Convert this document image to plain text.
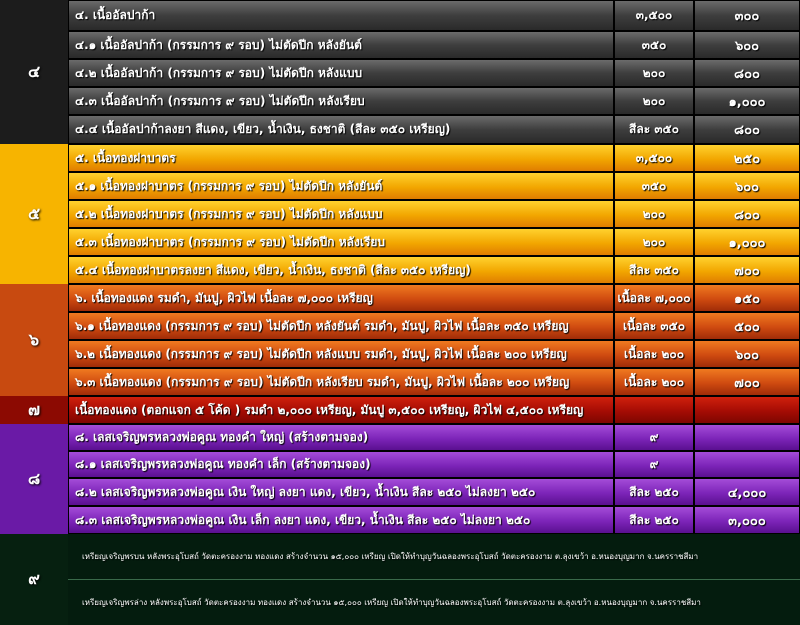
๔
๔. เนื้ออัลปาก้า	๓,๕๐๐	๓๐๐
๔.๑ เนื้ออัลปาก้า (กรรมการ ๙ รอบ) ไม่ตัดปีก หลังยันต์	๓๕๐	๖๐๐
๔.๒ เนื้ออัลปาก้า (กรรมการ ๙ รอบ) ไม่ตัดปีก หลังแบบ	๒๐๐	๘๐๐
๔.๓ เนื้ออัลปาก้า (กรรมการ ๙ รอบ) ไม่ตัดปีก หลังเรียบ	๒๐๐	๑,๐๐๐
๔.๔ เนื้ออัลปาก้าลงยา สีแดง, เขียว, น้ำเงิน, ธงชาติ (สีละ ๓๕๐ เหรียญ)	สีละ ๓๕๐	๘๐๐
๕
๕. เนื้อทองฝาบาตร	๓,๕๐๐	๒๕๐
๕.๑ เนื้อทองฝาบาตร (กรรมการ ๙ รอบ) ไม่ตัดปีก หลังยันต์	๓๕๐	๖๐๐
๕.๒ เนื้อทองฝาบาตร (กรรมการ ๙ รอบ) ไม่ตัดปีก หลังแบบ	๒๐๐	๘๐๐
๕.๓ เนื้อทองฝาบาตร (กรรมการ ๙ รอบ) ไม่ตัดปีก หลังเรียบ	๒๐๐	๑,๐๐๐
๕.๔ เนื้อทองฝาบาตรลงยา สีแดง, เขียว, น้ำเงิน, ธงชาติ (สีละ ๓๕๐ เหรียญ)	สีละ ๓๕๐	๗๐๐
๖
๖. เนื้อทองแดง รมดำ, มันปู, ผิวไฟ เนื้อละ ๗,๐๐๐ เหรียญ	เนื้อละ ๗,๐๐๐	๑๕๐
๖.๑ เนื้อทองแดง (กรรมการ ๙ รอบ) ไม่ตัดปีก หลังยันต์ รมดำ, มันปู, ผิวไฟ เนื้อละ ๓๕๐ เหรียญ	เนื้อละ ๓๕๐	๕๐๐
๖.๒ เนื้อทองแดง (กรรมการ ๙ รอบ) ไม่ตัดปีก หลังแบบ รมดำ, มันปู, ผิวไฟ เนื้อละ ๒๐๐ เหรียญ	เนื้อละ ๒๐๐	๖๐๐
๖.๓ เนื้อทองแดง (กรรมการ ๙ รอบ) ไม่ตัดปีก หลังเรียบ รมดำ, มันปู, ผิวไฟ เนื้อละ ๒๐๐ เหรียญ	เนื้อละ ๒๐๐	๗๐๐
๗	เนื้อทองแดง (ตอกแจก ๕ โค้ด ) รมดำ ๒,๐๐๐ เหรียญ, มันปู ๓,๕๐๐ เหรียญ, ผิวไฟ ๔,๕๐๐ เหรียญ
๘
๘. เลสเจริญพรหลวงพ่อคูณ ทองคำ ใหญ่ (สร้างตามจอง)	๙
๘.๑ เลสเจริญพรหลวงพ่อคูณ ทองคำ เล็ก (สร้างตามจอง)	๙
๘.๒ เลสเจริญพรหลวงพ่อคูณ เงิน ใหญ่ ลงยา แดง, เขียว, น้ำเงิน สีละ ๒๕๐ ไม่ลงยา ๒๕๐	สีละ ๒๕๐	๔,๐๐๐
๘.๓ เลสเจริญพรหลวงพ่อคูณ เงิน เล็ก ลงยา แดง, เขียว, น้ำเงิน สีละ ๒๕๐ ไม่ลงยา ๒๕๐	สีละ ๒๕๐	๓,๐๐๐
๙
เหรียญเจริญพรบน หลังพระอุโบสถ์ วัดตะครองงาม ทองแดง สร้างจำนวน ๑๕,๐๐๐ เหรียญ เปิดให้ทำบุญวันฉลองพระอุโบสถ์ วัดตะครองงาม ต.ลุงเขว้า อ.หนองบุญมาก จ.นครราชสีมา
เหรียญเจริญพรล่าง หลังพระอุโบสถ์ วัดตะครองงาม ทองแดง สร้างจำนวน ๑๕,๐๐๐ เหรียญ เปิดให้ทำบุญวันฉลองพระอุโบสถ์ วัดตะครองงาม ต.ลุงเขว้า อ.หนองบุญมาก จ.นครราชสีมา
